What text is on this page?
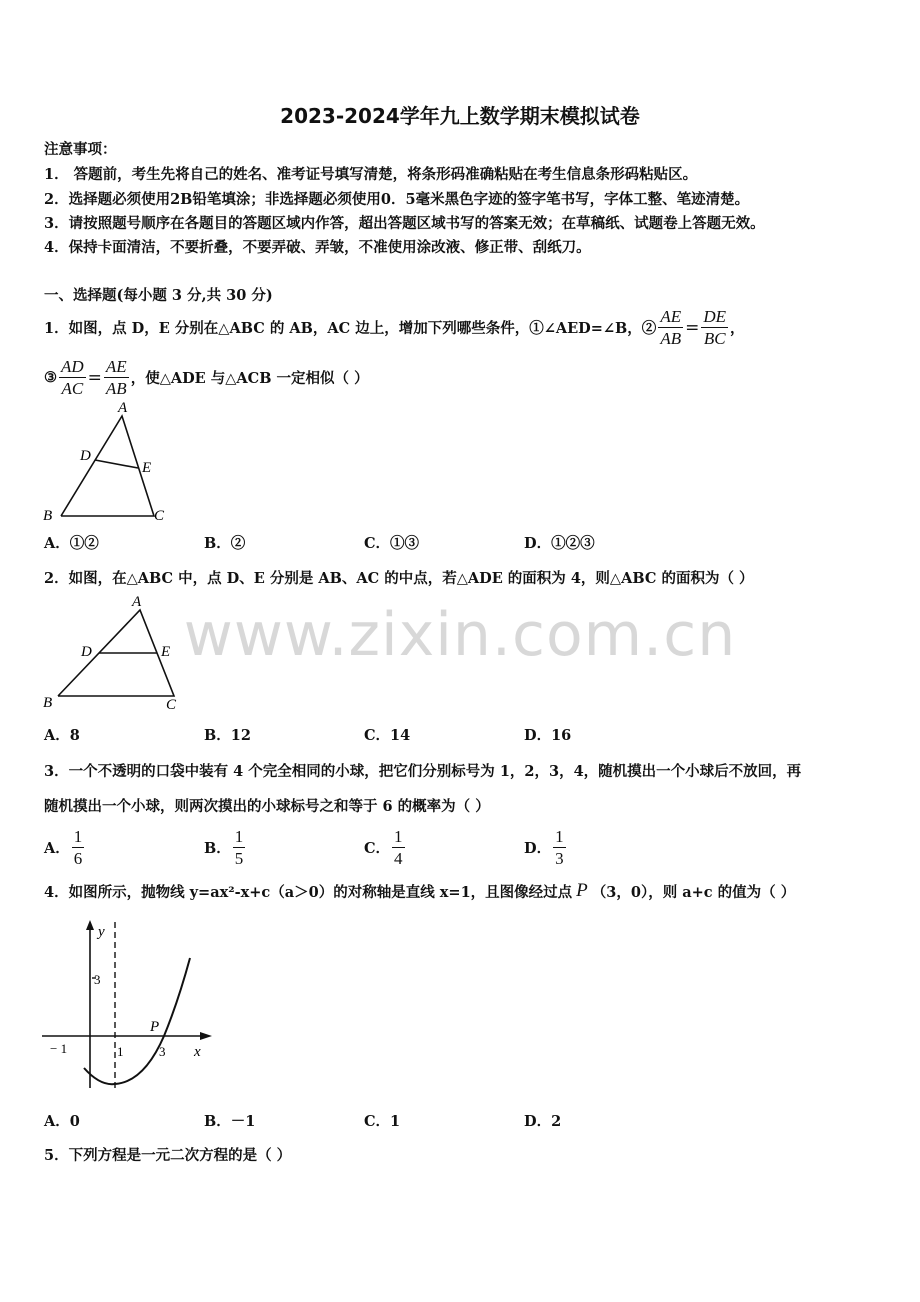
www.zixin.com.cn
2023-2024学年九上数学期末模拟试卷
注意事项：
1． 答题前，考生先将自己的姓名、准考证号填写清楚，将条形码准确粘贴在考生信息条形码粘贴区。
2．选择题必须使用2B铅笔填涂；非选择题必须使用0．5毫米黑色字迹的签字笔书写，字体工整、笔迹清楚。
3．请按照题号顺序在各题目的答题区域内作答，超出答题区域书写的答案无效；在草稿纸、试题卷上答题无效。
4．保持卡面清洁，不要折叠，不要弄破、弄皱，不准使用涂改液、修正带、刮纸刀。
一、选择题(每小题 3 分,共 30 分)
1．如图，点 D，E 分别在△ABC 的 AB，AC 边上，增加下列哪些条件，①∠AED=∠B，② $\frac{AE}{AB} = \frac{DE}{BC}$ ，
③ $\frac{AD}{AC} = \frac{AE}{AB}$ ，使△ADE 与△ACB 一定相似（ ）
A
D
E
B	C
A．①②	B．②	C．①③	D．①②③
2．如图，在△ABC 中，点 D、E 分别是 AB、AC 的中点，若△ADE 的面积为 4，则△ABC 的面积为（ ）
A
D	E
B	C
A．8	B．12	C．14	D．16
3．一个不透明的口袋中装有 4 个完全相同的小球，把它们分别标号为 1，2，3，4，随机摸出一个小球后不放回，再
随机摸出一个小球，则两次摸出的小球标号之和等于 6 的概率为（ ）
A． $\frac{1}{6}$	B． $\frac{1}{5}$	C． $\frac{1}{4}$	D． $\frac{1}{3}$
4．如图所示，抛物线 y=ax²-x+c（a＞0）的对称轴是直线 x=1，且图像经过点 P （3，0），则 a+c 的值为（ ）
y
3
− 1	1	3
P
x
A．0	B．－1	C．1	D．2
5．下列方程是一元二次方程的是（ ）
